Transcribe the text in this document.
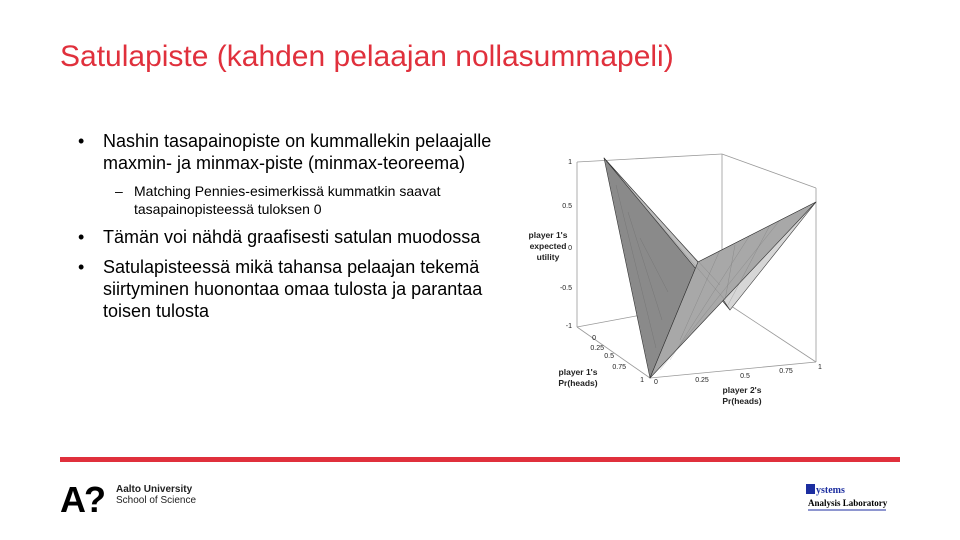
Satulapiste (kahden pelaajan nollasummapeli)
• Nashin tasapainopiste on kummallekin pelaajalle maxmin- ja minmax-piste (minmax-teoreema)
– Matching Pennies-esimerkissä kummatkin saavat tasapainopisteessä tuloksen 0
• Tämän voi nähdä graafisesti satulan muodossa
• Satulapisteessä mikä tahansa pelaajan tekemä siirtyminen huonontaa omaa tulosta ja parantaa toisen tulosta
1
0.5
0
-0.5
-1
player 1's
expected
utility
0
0.25
0.5
0.75
1
player 1's
Pr(heads)	0	0.25
0.5
0.75
1
player 2's
Pr(heads)
A
? Aalto University
School of Science
ystems
Analysis Laboratory
